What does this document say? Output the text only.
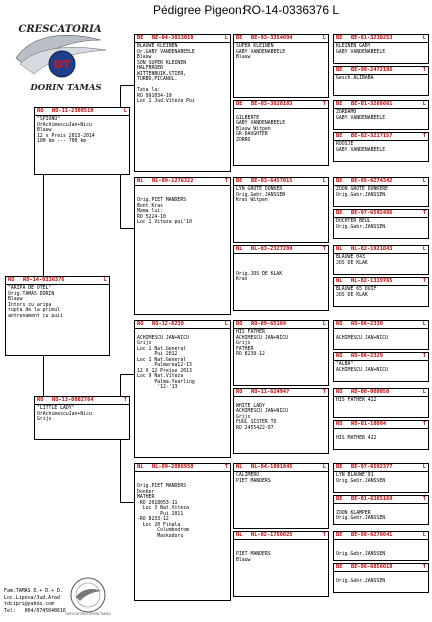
Pédigree Pigeon:
RO-14-0336376 L
DT
CRESCATORIA
DORIN TAMAS
RO RO-14-0336376	L
"ARIPA DE OTEL"
Orig.TAMAS DORIN
Blauw
Intors cu aripa
rupta de la primul
antrenament cu puii
RO RO-11-2300510	L
"SPIONU"
OrAchimescuJan+Nicu
Blauw
12 x Preis 2013-2014
100 km --- 700 km
RO RO-13-0002764	T
"LITTLE LADY"
OrAchimescuJan+Nicu
Grijs
BE BE-04-3013018	L
BLAUWE KLEINEN
Or.GABY VANDENABEELE
Blauw
SON SUPER KLEINEN
HALFBROER
WITTENBUIK,STIER,
TURBO,PICANOL.

Tata la:
RO 991034-10
Loc 1 Jud.Viteza Pui
NL NL-09-1276322	T

Orig.PIET MANDERS
Bont Kras
Mama lui:
RO 5224-10
Loc 1 Viteza pui'10
RO RO-12-8239	L

ACHIMESCU JAN+NICU
Grijs
Loc 1 Nat.General
Pui 2012
Loc 1 Nat.General
Palmarea12-13
12 X 12 Preise 2013
Loc 9 Nat.Viteza
Palma.Yearling
'12-'13
NL NL-09-2086958	T

Orig.PIET MANDERS
Donker
MATHER
-RO 2018053-11
Loc 3 Nat.Viteza
Pui 2011
-RO 8233-12
Loc 20 Finala
Columbodrom
Maskadoru
BE BE-93-3354694	L
SUPER KLEINEN
GABY VANDENABEELE
Blauw
BE BE-03-3028183	T

GILBERTE
GABY VANDENABEELE
Blauw Witpen
GR-DAUGHTER
ZORRO
BE BE-03-6457015	L
LYN GROTE DONKER
Orig.Gebr.JANSSEN
Kras Witpen
NL NL-03-2327209	T

Orig.JOS DE KLAK
Kras
RO RO-09-65169	L
HIS FATHER
ACHIMESCU JAN+NICU
Grijs
FATHER
RO 8239-12
RO RO-11-624947	T

WHITE LADY
ACHIMESCU JAN+NICU
Grijs
FUUL SISTER TO
RO 2455422-07
NL NL-04-1001845	L
CALIMERO
PIET MANDERS
NL NL-02-1750025	T

PIET MANDERS
Blauw
BE BE-81-3238253	L
KLEINEN GABY
GABY VANDENABEELE
BE BE-90-2472186	T
Gesch.ALIBABA
BE BE-01-3268661	L
ZORDAMO
GABY VANDENABEELE
BE BE-02-3217157	T
ROOSJE
GABY VANDENABEELE
BE BE-95-6274342	L
ZOON GROTE DONKERE
Orig.Gebr.JANSSEN
BE BE-97-6592486	T
DOCHTER BEUL
Orig.Gebr.JANSSEN
NL NL-02-1921043	L
BLAUWE 043
JOS DE KLAK
NL NL-02-1319765	T
BLAUWE 65 DUIF
JOS DE KLAK
RO RO-06-2330	L

ACHIMESCU JAN+NICU
RO RO-06-2329	T
"ALBA"
ACHIMESCU JAN+NICU
RO RO-00-000050	L
HIS FATHER 422
RO RO-01-10004	T

HIS MATHER 422
BE BE-97-6592377	L
LYN BLAUWE'91
Orig.Gebr.JANSSEN
BE BE-01-6365169	T

ZOON KLAMPER
Orig.Gebr.JANSSEN
BE BE-98-6278041	L

Orig.Gebr.JANSSEN
BE BE-06-6056018	T

Orig.Gebr.JANSSEN
CRESCATORIA DORIN TAMAS
Fam.TAMAS D.+ D.+ D.
Loc.Lipova/Jud.Arad
tdcipri@yahoo.com
Tel:   004/0745048616
